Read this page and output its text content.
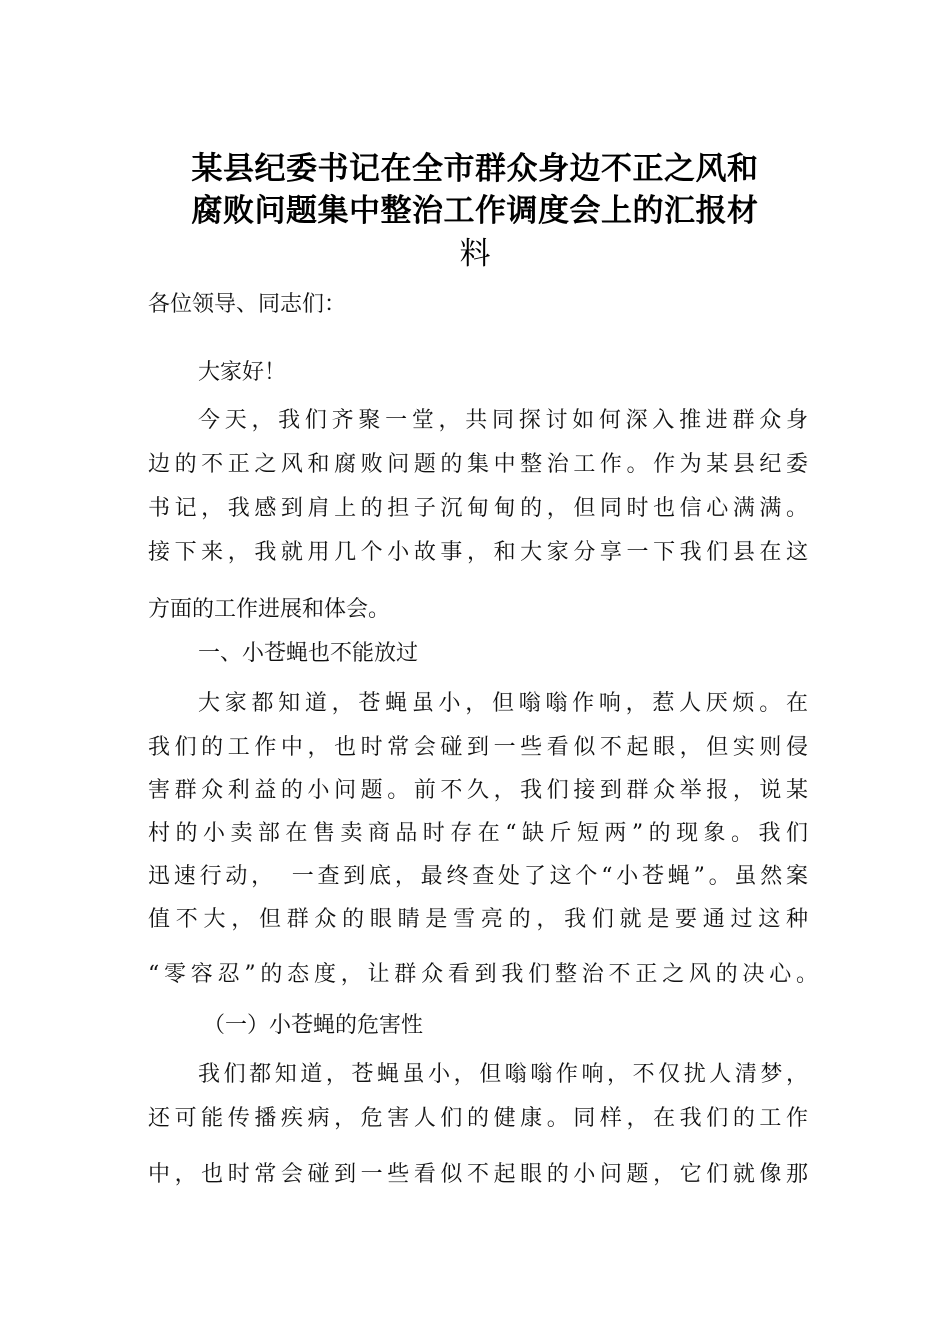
某县纪委书记在全市群众身边不正之风和
腐败问题集中整治工作调度会上的汇报材
料
各位领导、同志们：
大家好！
今天，我们齐聚一堂，共同探讨如何深入推进群众身
边的不正之风和腐败问题的集中整治工作。作为某县纪委
书记，我感到肩上的担子沉甸甸的，但同时也信心满满。
接下来，我就用几个小故事，和大家分享一下我们县在这
方面的工作进展和体会。
一、小苍蝇也不能放过
大家都知道，苍蝇虽小，但嗡嗡作响，惹人厌烦。在
我们的工作中，也时常会碰到一些看似不起眼，但实则侵
害群众利益的小问题。前不久，我们接到群众举报，说某
村的小卖部在售卖商品时存在“缺斤短两”的现象。我们
迅速行动，　一查到底，最终查处了这个“小苍蝇”。虽然案
值不大，但群众的眼睛是雪亮的，我们就是要通过这种
“零容忍”的态度，让群众看到我们整治不正之风的决心。
（一）小苍蝇的危害性
我们都知道，苍蝇虽小，但嗡嗡作响，不仅扰人清梦，
还可能传播疾病，危害人们的健康。同样，在我们的工作
中，也时常会碰到一些看似不起眼的小问题，它们就像那
